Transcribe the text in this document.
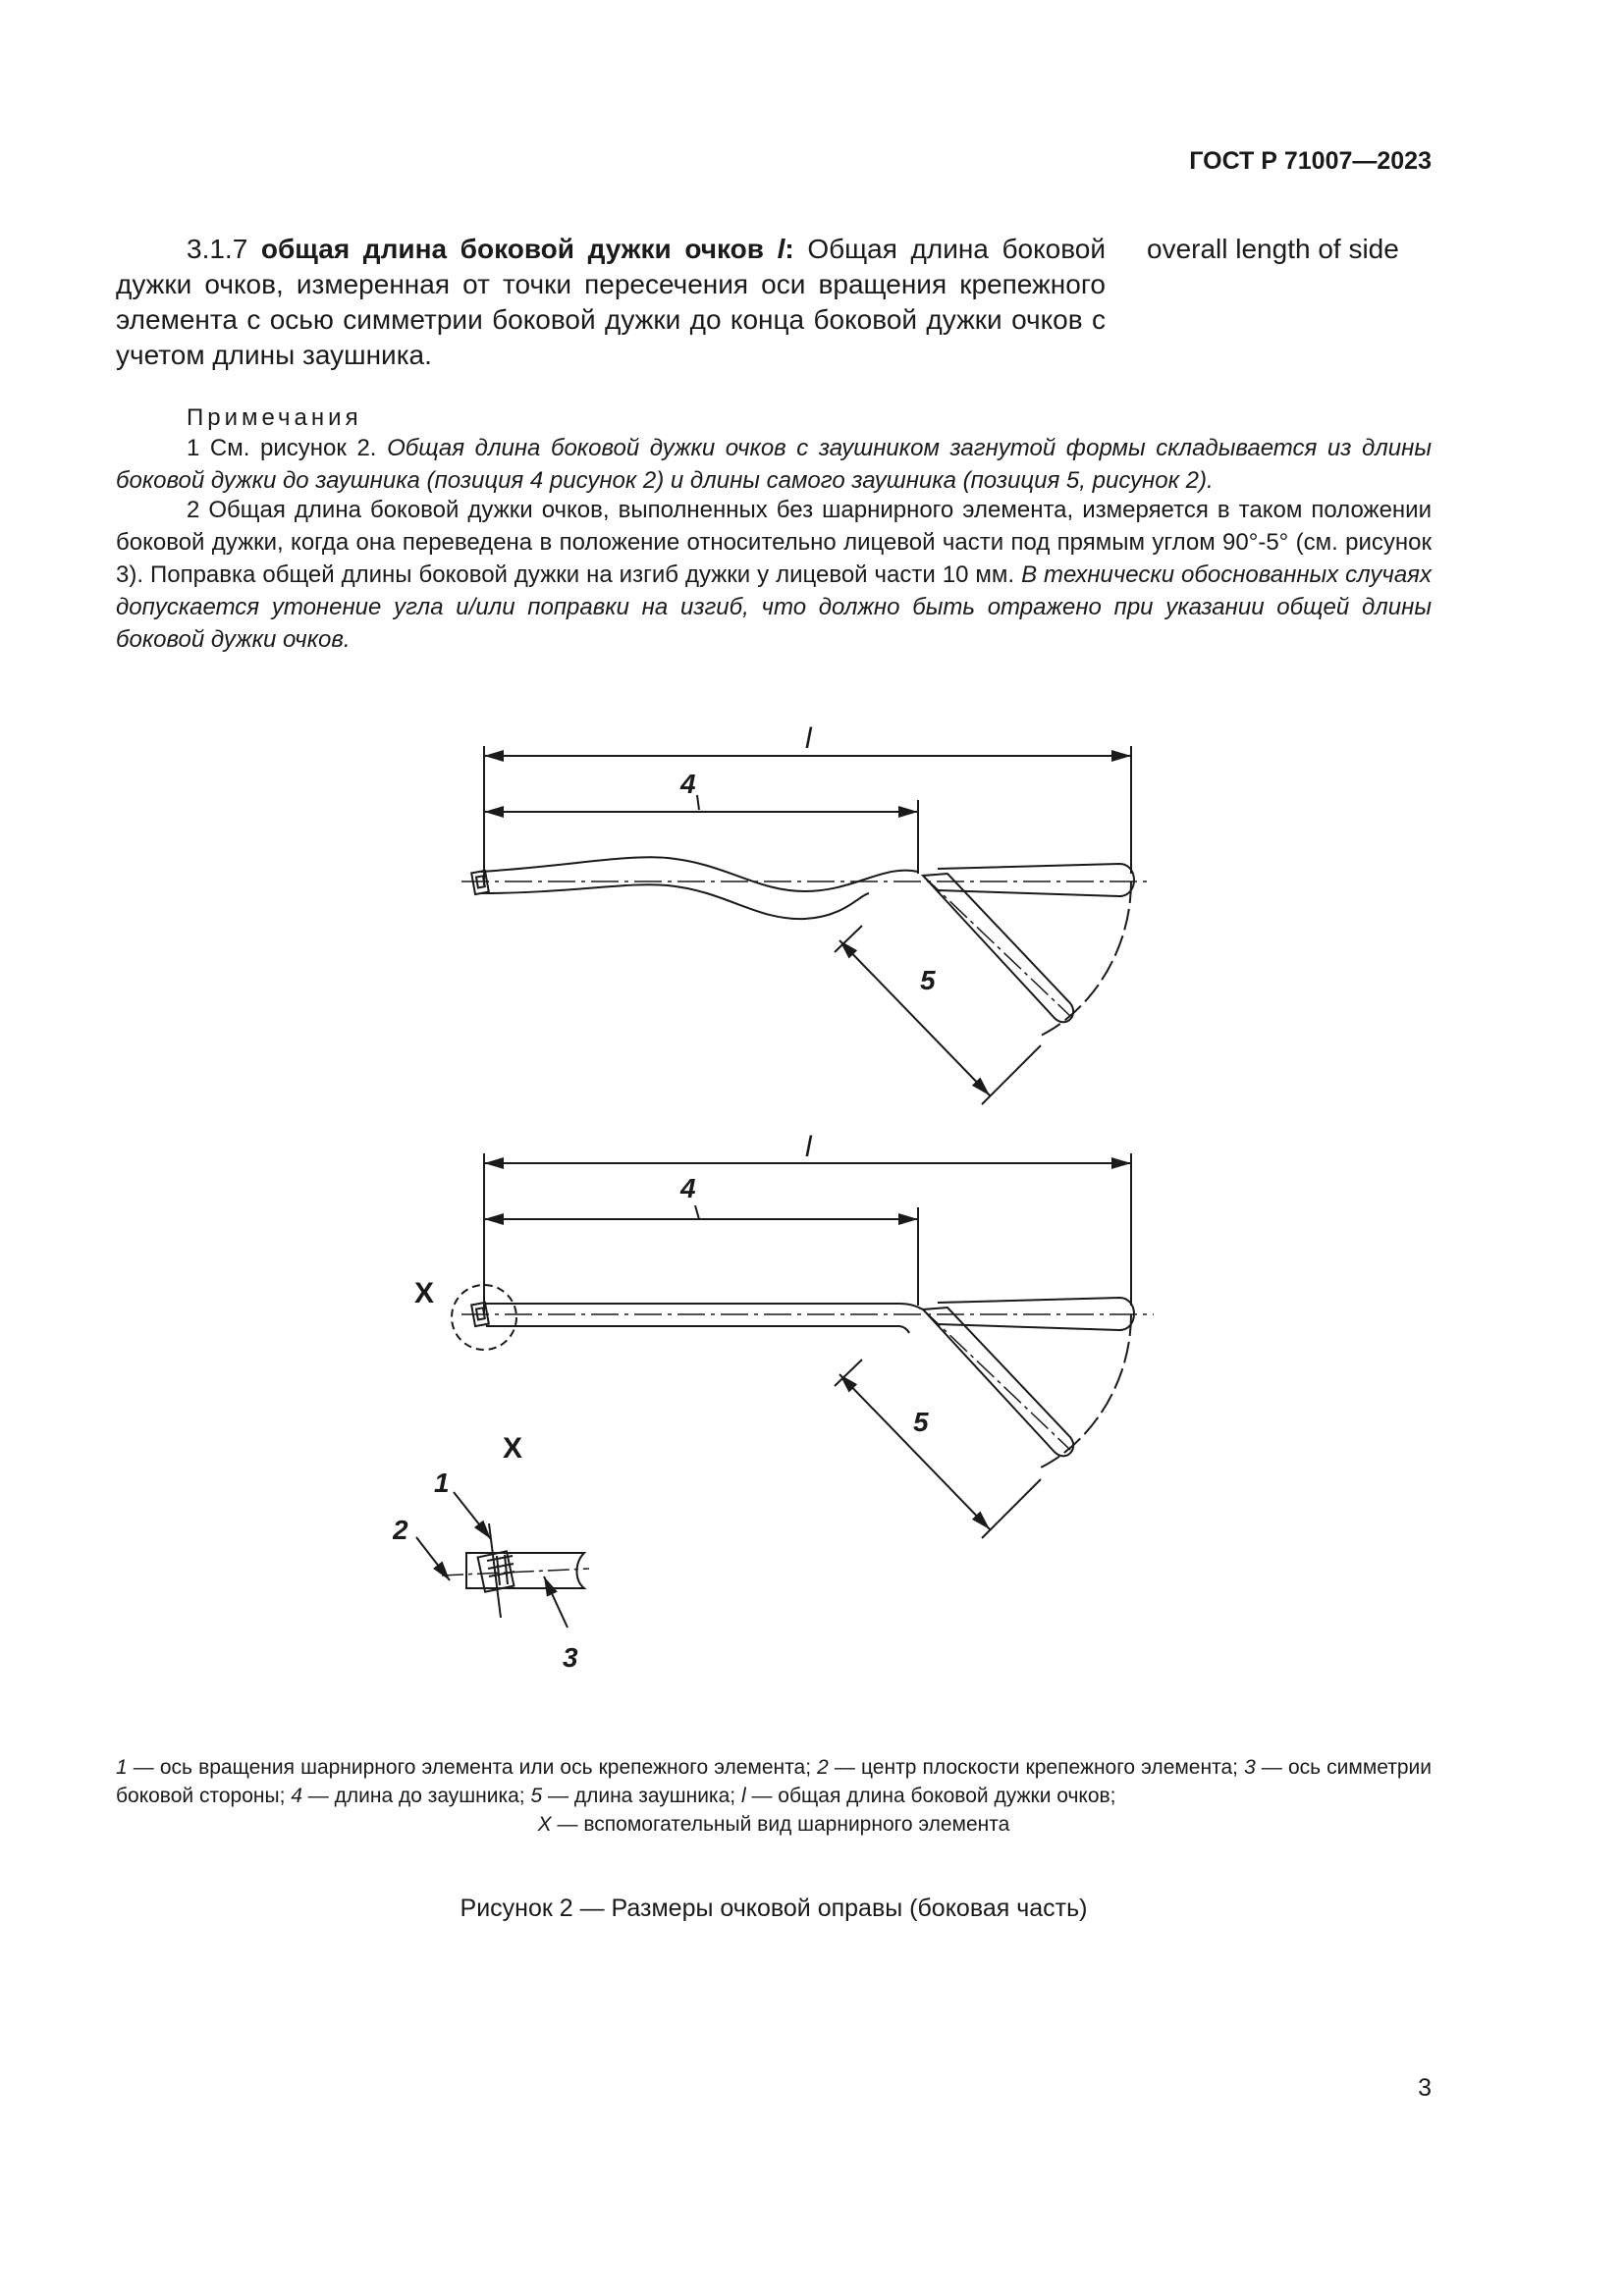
ГОСТ Р 71007—2023
3.1.7 общая длина боковой дужки очков l: Общая длина боковой дужки очков, измеренная от точки пересечения оси вращения крепежного элемента с осью симметрии боковой дужки до конца боковой дужки очков с учетом длины заушника.
overall length of side
Примечания
1 См. рисунок 2. Общая длина боковой дужки очков с заушником загнутой формы складывается из длины боковой дужки до заушника (позиция 4 рисунок 2) и длины самого заушника (позиция 5, рисунок 2).
2 Общая длина боковой дужки очков, выполненных без шарнирного элемента, измеряется в таком положении боковой дужки, когда она переведена в положение относительно лицевой части под прямым углом 90°-5° (см. рисунок 3). Поправка общей длины боковой дужки на изгиб дужки у лицевой части 10 мм. В технически обоснованных случаях допускается утонение угла и/или поправки на изгиб, что должно быть отражено при указании общей длины боковой дужки очков.
l
4
5
l
4
5
1
2
3
X
X
1 — ось вращения шарнирного элемента или ось крепежного элемента; 2 — центр плоскости крепежного элемента; 3 — ось симметрии боковой стороны; 4 — длина до заушника; 5 — длина заушника; l — общая длина боковой дужки очков;
X — вспомогательный вид шарнирного элемента
Рисунок 2 — Размеры очковой оправы (боковая часть)
3
